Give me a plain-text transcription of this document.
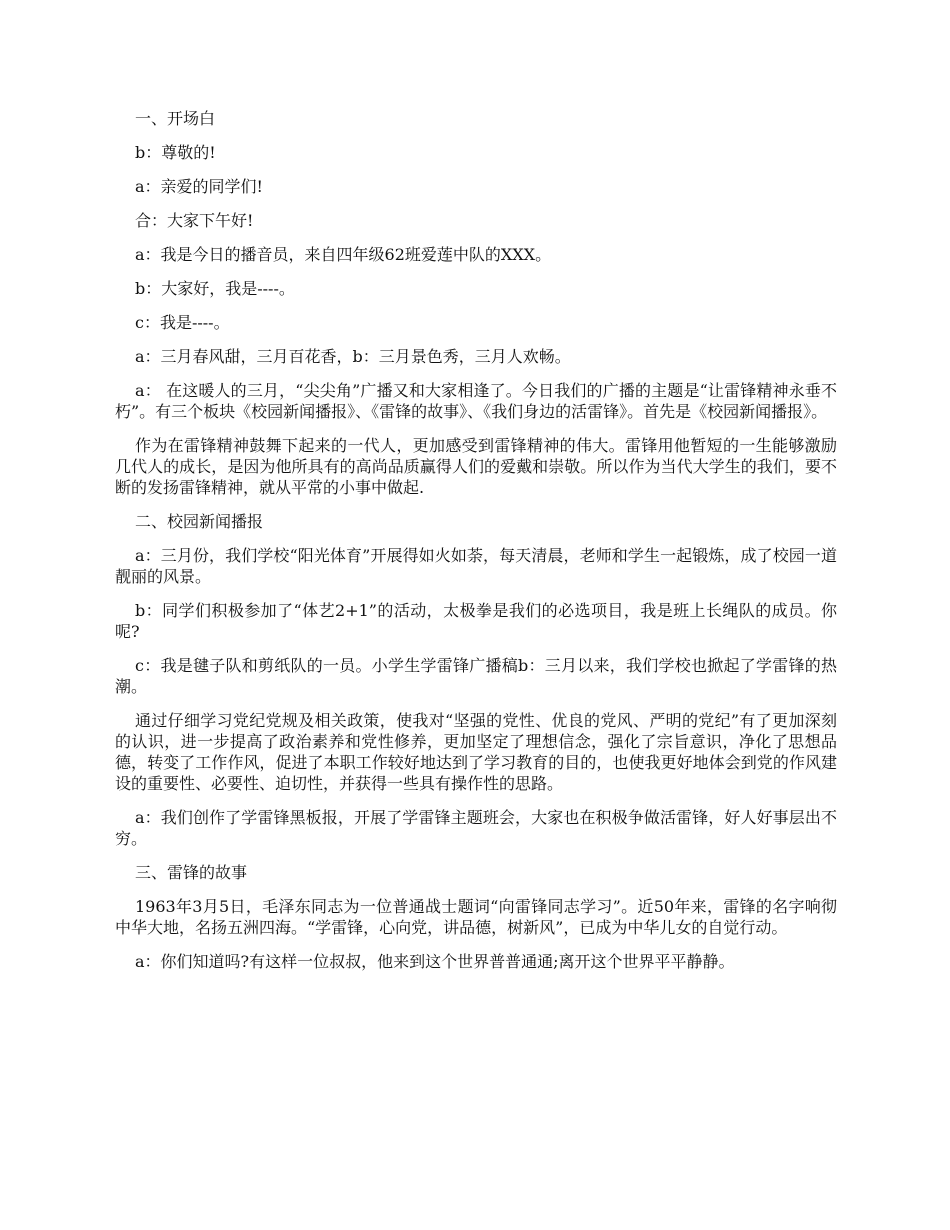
一、开场白

b：尊敬的!

a：亲爱的同学们!

合：大家下午好!

a：我是今日的播音员，来自四年级62班爱莲中队的XXX。

b：大家好，我是----。

c：我是----。

a：三月春风甜，三月百花香，b：三月景色秀，三月人欢畅。

a： 在这暖人的三月，“尖尖角”广播又和大家相逢了。今日我们的广播的主题是“让雷锋精神永垂不朽”。有三个板块《校园新闻播报》、《雷锋的故事》、《我们身边的活雷锋》。首先是《校园新闻播报》。

作为在雷锋精神鼓舞下起来的一代人，更加感受到雷锋精神的伟大。雷锋用他暂短的一生能够激励几代人的成长，是因为他所具有的高尚品质赢得人们的爱戴和崇敬。所以作为当代大学生的我们，要不断的发扬雷锋精神，就从平常的小事中做起.

二、校园新闻播报

a：三月份，我们学校“阳光体育”开展得如火如荼，每天清晨，老师和学生一起锻炼，成了校园一道靓丽的风景。

b：同学们积极参加了“体艺2+1”的活动，太极拳是我们的必选项目，我是班上长绳队的成员。你呢?

c：我是毽子队和剪纸队的一员。小学生学雷锋广播稿b：三月以来，我们学校也掀起了学雷锋的热潮。

通过仔细学习党纪党规及相关政策，使我对“坚强的党性、优良的党风、严明的党纪”有了更加深刻的认识，进一步提高了政治素养和党性修养，更加坚定了理想信念，强化了宗旨意识，净化了思想品德，转变了工作作风，促进了本职工作较好地达到了学习教育的目的，也使我更好地体会到党的作风建设的重要性、必要性、迫切性，并获得一些具有操作性的思路。

a：我们创作了学雷锋黑板报，开展了学雷锋主题班会，大家也在积极争做活雷锋，好人好事层出不穷。

三、雷锋的故事

1963年3月5日，毛泽东同志为一位普通战士题词“向雷锋同志学习”。近50年来，雷锋的名字响彻中华大地，名扬五洲四海。“学雷锋，心向党，讲品德，树新风”，已成为中华儿女的自觉行动。

a：你们知道吗?有这样一位叔叔，他来到这个世界普普通通;离开这个世界平平静静。
